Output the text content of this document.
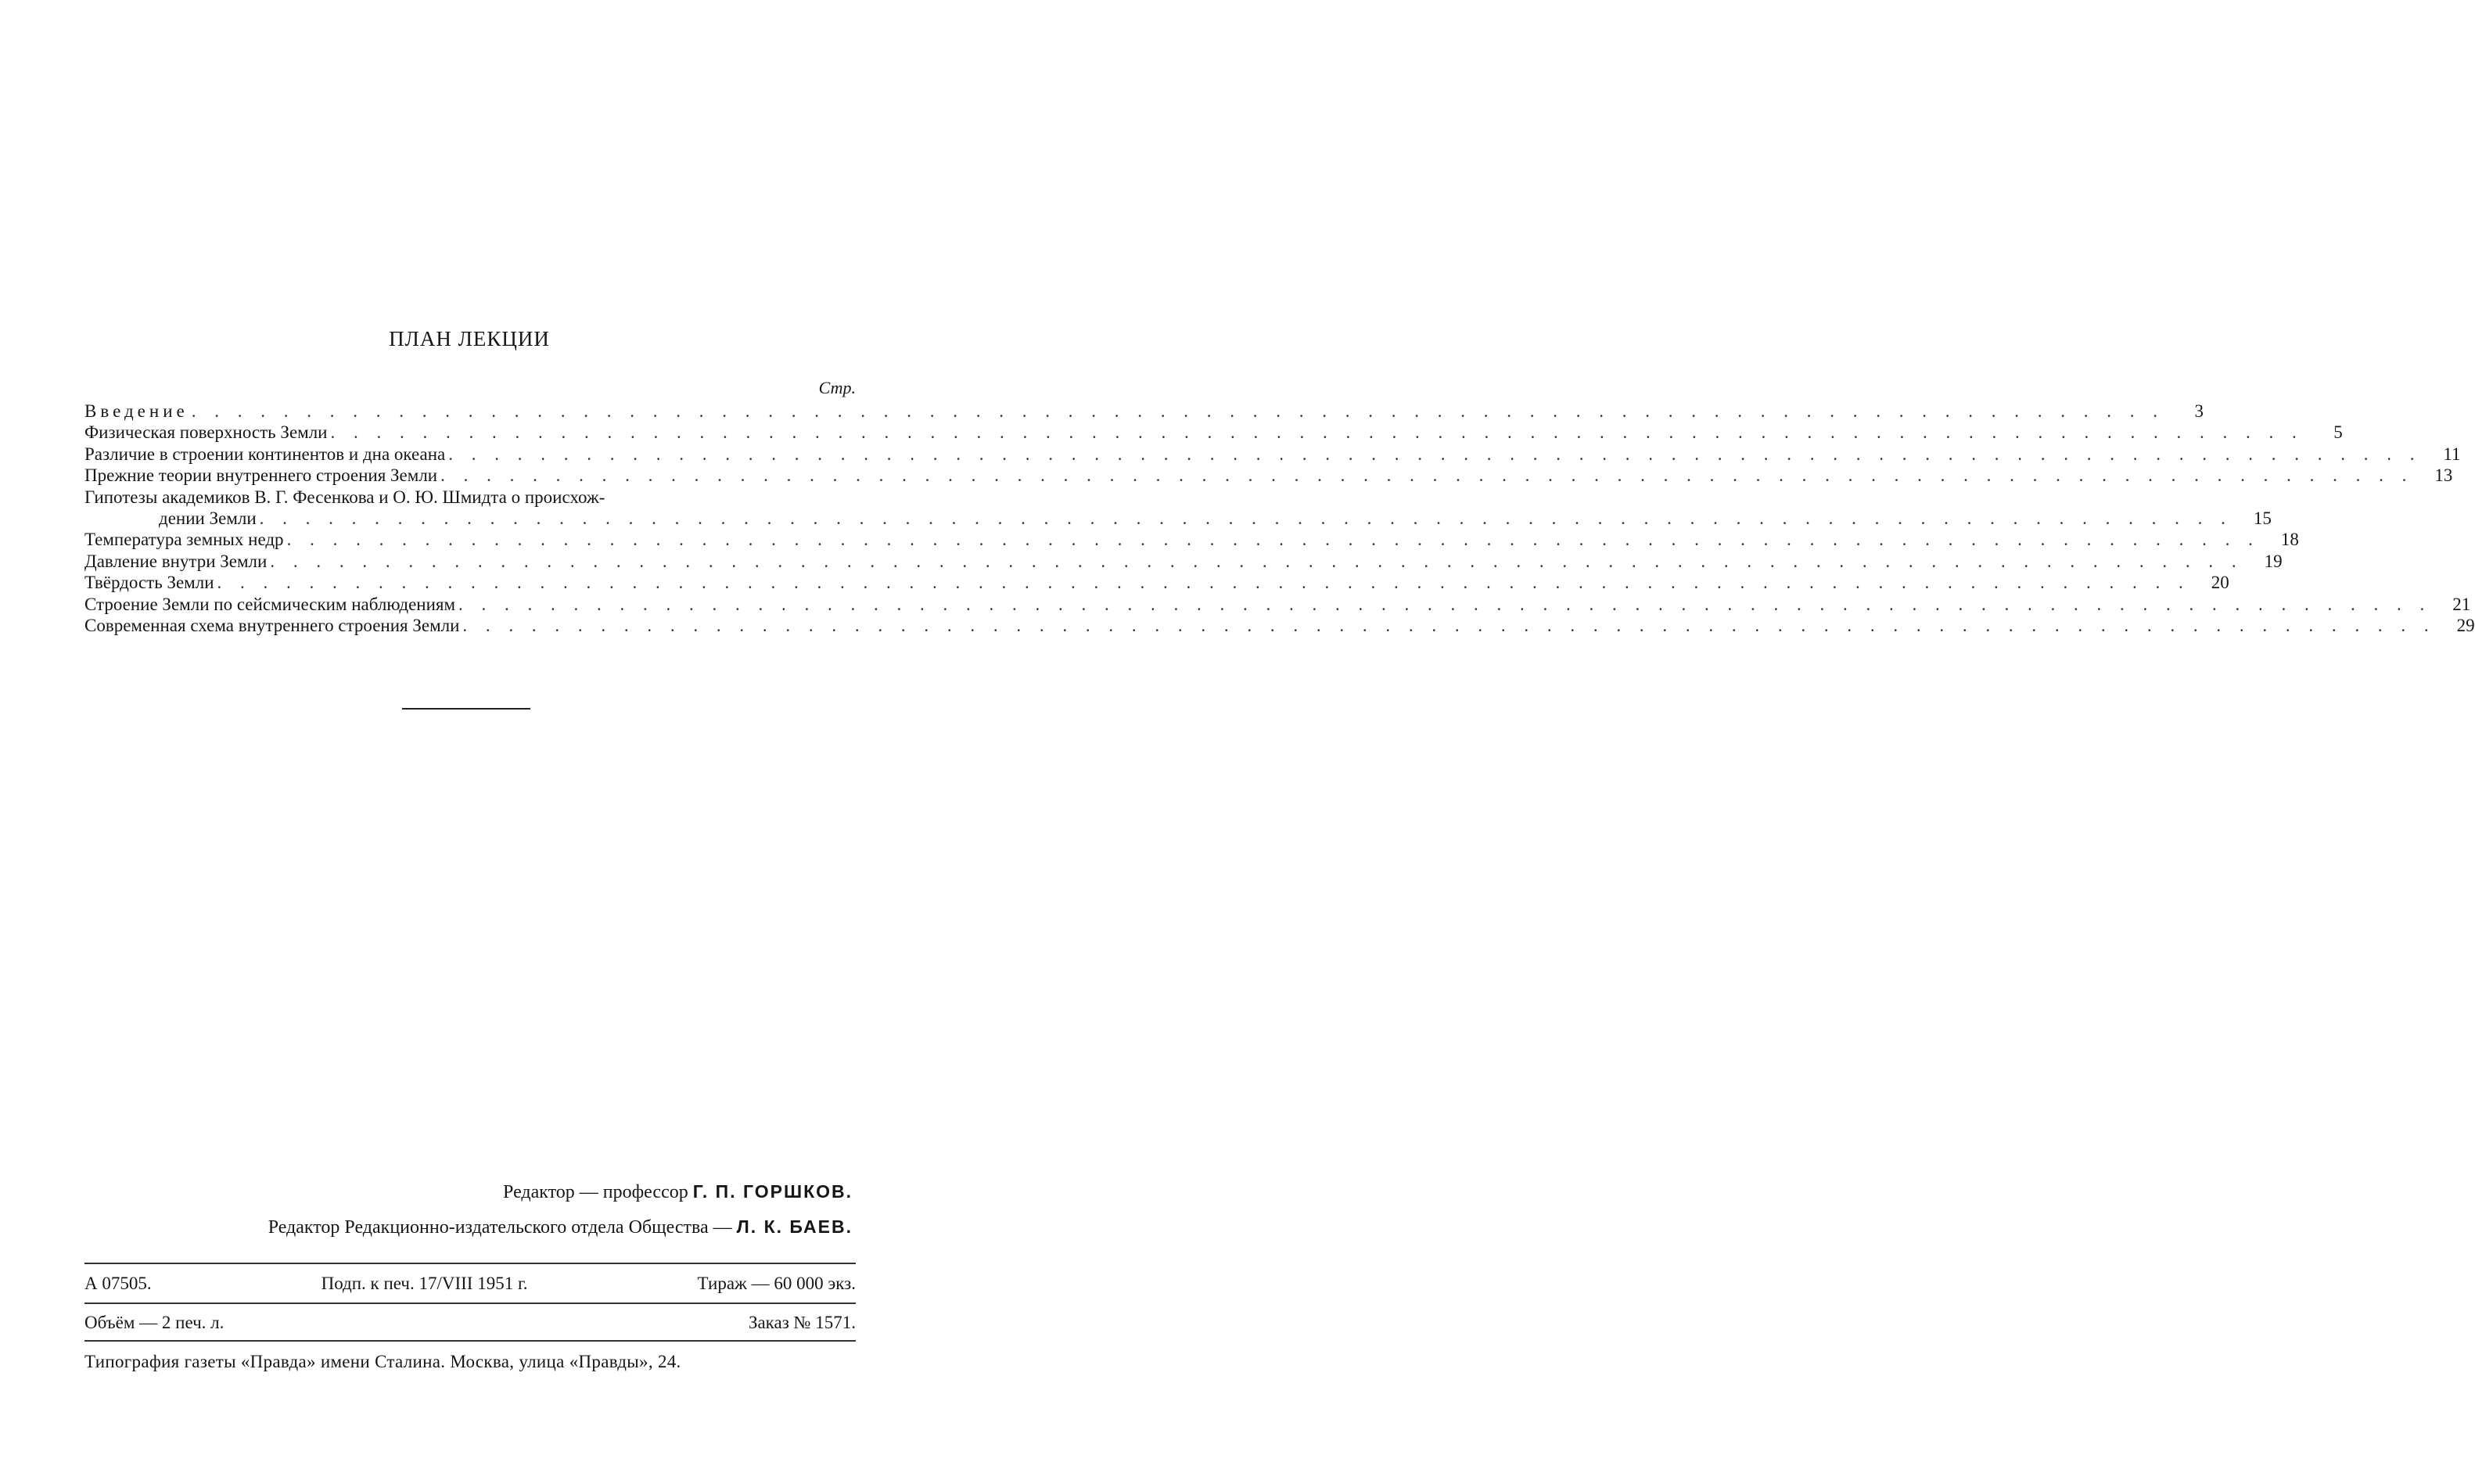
ПЛАН ЛЕКЦИИ
Стр.
Введение . . . . . . . . . . . . . . . . . . . . . . . . . . . . . . . . . . . . . . . . . . . . . . . . . . . . . . . . . . . . . . . . . . . . . . . . . . . . . . . . . . . . . .	3
Физическая поверхность Земли . . . . . . . . . . . . . . . . . . . . . . . . . . . . . . . . . . . . . . . . . . . . . . . . . . . . . . . . . . . . . . . . . . . . . . . . . . . . . . . . . . . . . .	5
Различие в строении континентов и дна океана . . . . . . . . . . . . . . . . . . . . . . . . . . . . . . . . . . . . . . . . . . . . . . . . . . . . . . . . . . . . . . . . . . . . . . . . . . . . . . . . . . . . . .	11
Прежние теории внутреннего строения Земли . . . . . . . . . . . . . . . . . . . . . . . . . . . . . . . . . . . . . . . . . . . . . . . . . . . . . . . . . . . . . . . . . . . . . . . . . . . . . . . . . . . . . .	13
Гипотезы академиков В. Г. Фесенкова и О. Ю. Шмидта о происхож-
дении Земли . . . . . . . . . . . . . . . . . . . . . . . . . . . . . . . . . . . . . . . . . . . . . . . . . . . . . . . . . . . . . . . . . . . . . . . . . . . . . . . . . . . . . .	15
Температура земных недр . . . . . . . . . . . . . . . . . . . . . . . . . . . . . . . . . . . . . . . . . . . . . . . . . . . . . . . . . . . . . . . . . . . . . . . . . . . . . . . . . . . . . .	18
Давление внутри Земли . . . . . . . . . . . . . . . . . . . . . . . . . . . . . . . . . . . . . . . . . . . . . . . . . . . . . . . . . . . . . . . . . . . . . . . . . . . . . . . . . . . . . .	19
Твёрдость Земли . . . . . . . . . . . . . . . . . . . . . . . . . . . . . . . . . . . . . . . . . . . . . . . . . . . . . . . . . . . . . . . . . . . . . . . . . . . . . . . . . . . . . .	20
Строение Земли по сейсмическим наблюдениям . . . . . . . . . . . . . . . . . . . . . . . . . . . . . . . . . . . . . . . . . . . . . . . . . . . . . . . . . . . . . . . . . . . . . . . . . . . . . . . . . . . . . .	21
Современная схема внутреннего строения Земли . . . . . . . . . . . . . . . . . . . . . . . . . . . . . . . . . . . . . . . . . . . . . . . . . . . . . . . . . . . . . . . . . . . . . . . . . . . . . . . . . . . . . .	29
Редактор — профессор Г. П. ГОРШКОВ.
Редактор Редакционно-издательского отдела Общества — Л. К. БАЕВ.
А 07505.	Подп. к печ. 17/VIII 1951 г.	Тираж — 60 000 экз.
Объём — 2 печ. л.	Заказ № 1571.
Типография газеты «Правда» имени Сталина. Москва, улица «Правды», 24.
